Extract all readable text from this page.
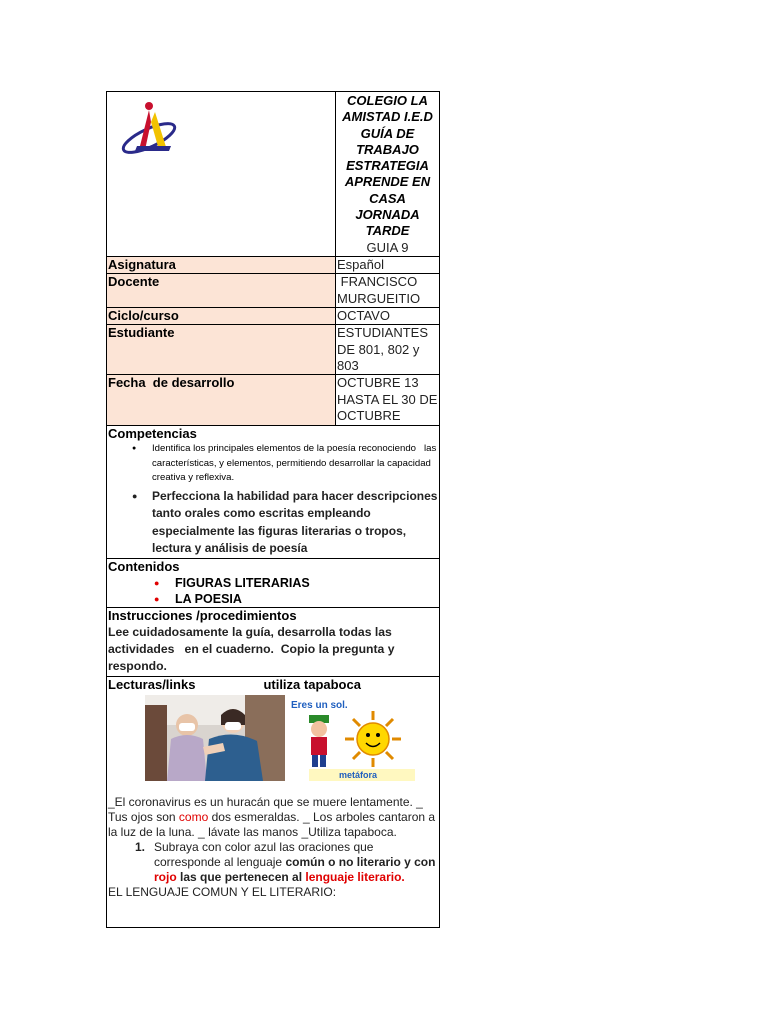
COLEGIO LA
AMISTAD I.E.D
GUÍA DE
TRABAJO
ESTRATEGIA
APRENDE EN
CASA
JORNADA
TARDE
GUIA 9
Asignatura	Español
Docente	FRANCISCO MURGUEITIO
Ciclo/curso	OCTAVO
Estudiante	ESTUDIANTES DE 801, 802 y 803
Fecha  de desarrollo	OCTUBRE 13 HASTA EL 30 DE OCTUBRE
Competencias
● Identifica los principales elementos de la poesía reconociendo   las características, y elementos, permitiendo desarrollar la capacidad creativa y reflexiva.
● Perfecciona la habilidad para hacer descripciones tanto orales como escritas empleando especialmente las figuras literarias o tropos, lectura y análisis de poesía
Contenidos
● FIGURAS LITERARIAS
● LA POESIA
Instrucciones /procedimientos
Lee cuidadosamente la guía, desarrolla todas las actividades   en el cuaderno.  Copio la pregunta y respondo.
Lecturas/links	utiliza tapaboca
Eres un sol.
metáfora
_El coronavirus es un huracán que se muere lentamente. _ Tus ojos son como dos esmeraldas. _ Los arboles cantaron a la luz de la luna. _ lávate las manos _Utiliza tapaboca.
1. Subraya con color azul las oraciones que corresponde al lenguaje común o no literario y con rojo las que pertenecen al lenguaje literario.
EL LENGUAJE COMUN Y EL LITERARIO:
